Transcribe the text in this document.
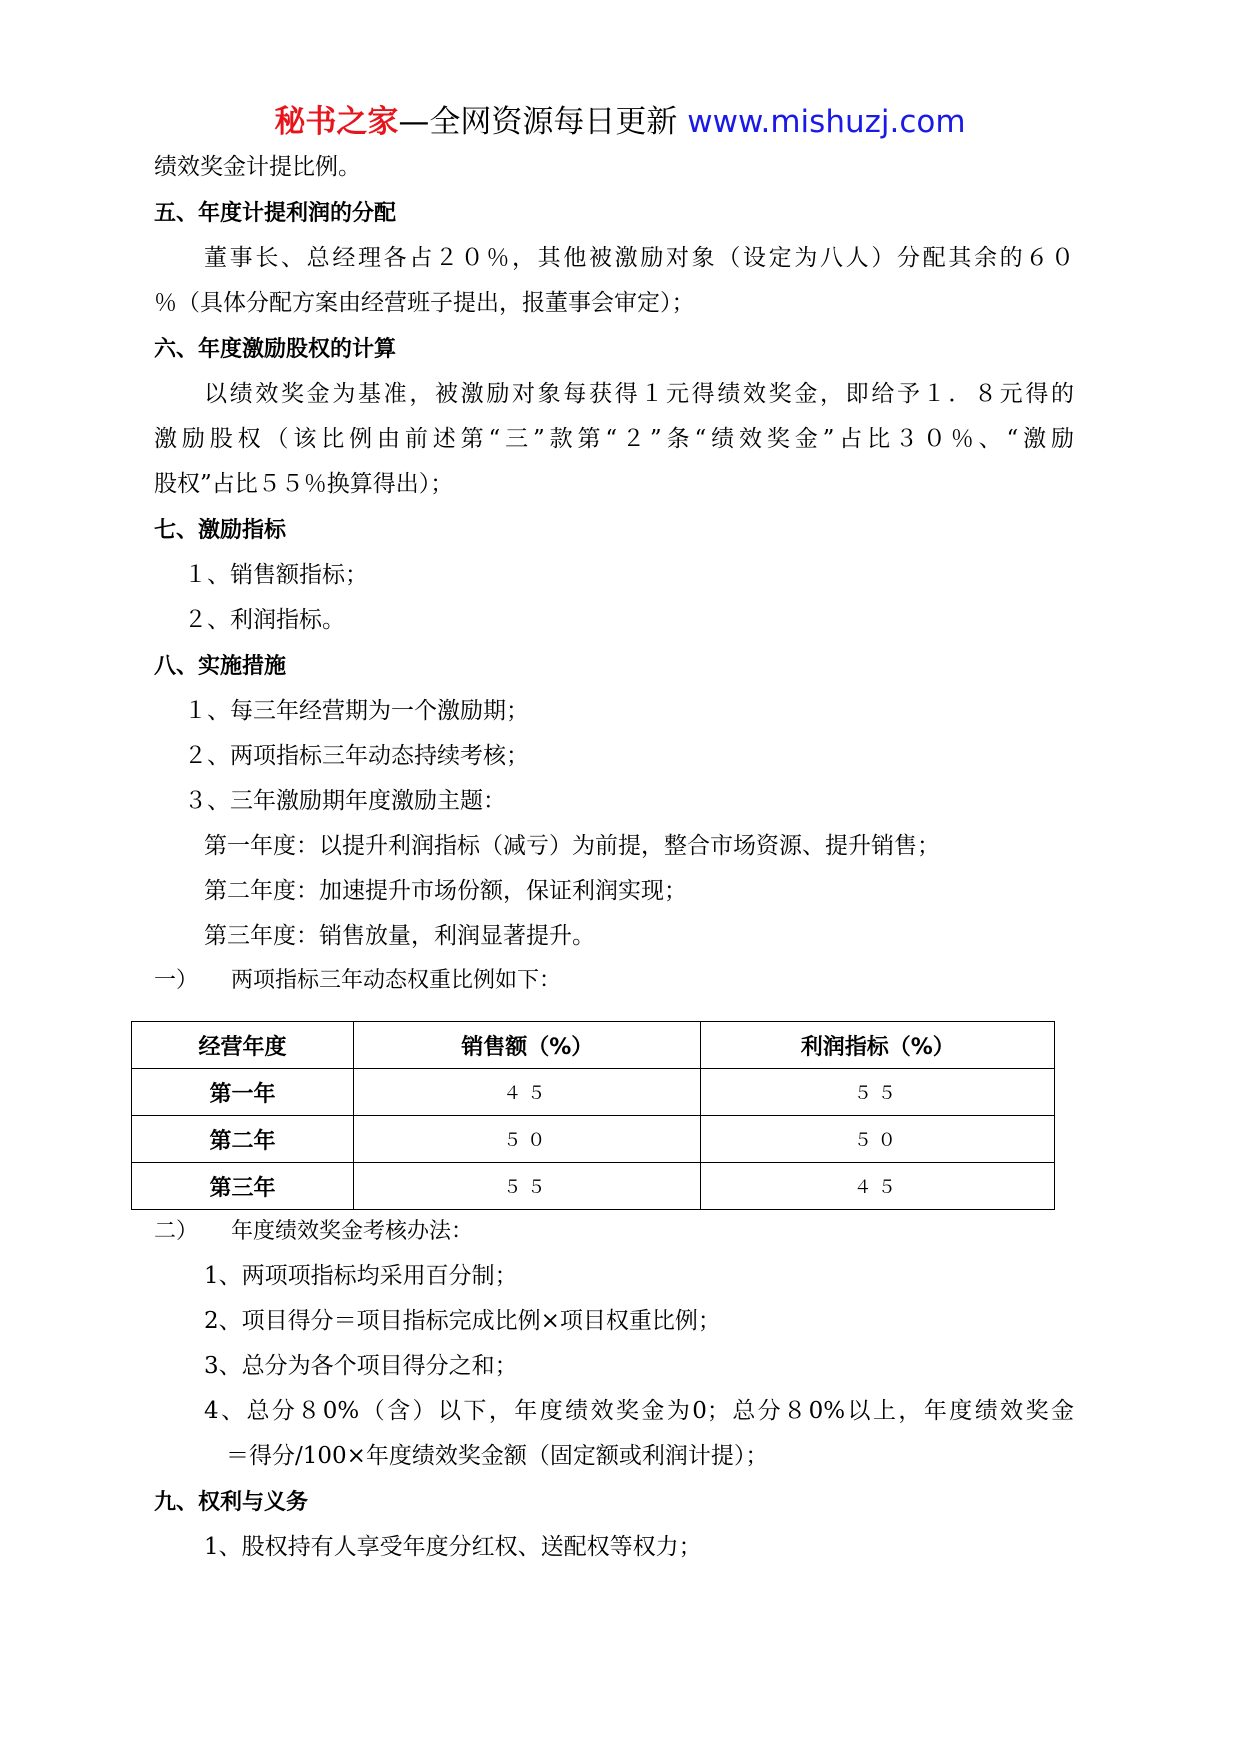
秘书之家—全网资源每日更新 www.mishuzj.com
绩效奖金计提比例。
五、年度计提利润的分配
董事长、总经理各占２０％，其他被激励对象（设定为八人）分配其余的６０
％（具体分配方案由经营班子提出，报董事会审定）；
六、年度激励股权的计算
以绩效奖金为基准，被激励对象每获得１元得绩效奖金，即给予１．８元得的
激励股权（该比例由前述第“三”款第“２”条“绩效奖金”占比３０％、“激励
股权”占比５５％换算得出）；
七、激励指标
１、销售额指标；
２、利润指标。
八、实施措施
１、每三年经营期为一个激励期；
２、两项指标三年动态持续考核；
３、三年激励期年度激励主题：
第一年度：以提升利润指标（减亏）为前提，整合市场资源、提升销售；
第二年度：加速提升市场份额，保证利润实现；
第三年度：销售放量，利润显著提升。
一）　　两项指标三年动态权重比例如下：
经营年度	销售额（%）	利润指标（%）
第一年	４５	５５
第二年	５０	５０
第三年	５５	４５
二）　　年度绩效奖金考核办法：
1、两项项指标均采用百分制；
2、项目得分＝项目指标完成比例×项目权重比例；
3、总分为各个项目得分之和；
4、总分８0%（含）以下，年度绩效奖金为0；总分８0%以上，年度绩效奖金
＝得分/100×年度绩效奖金额（固定额或利润计提）；
九、权利与义务
1、股权持有人享受年度分红权、送配权等权力；
